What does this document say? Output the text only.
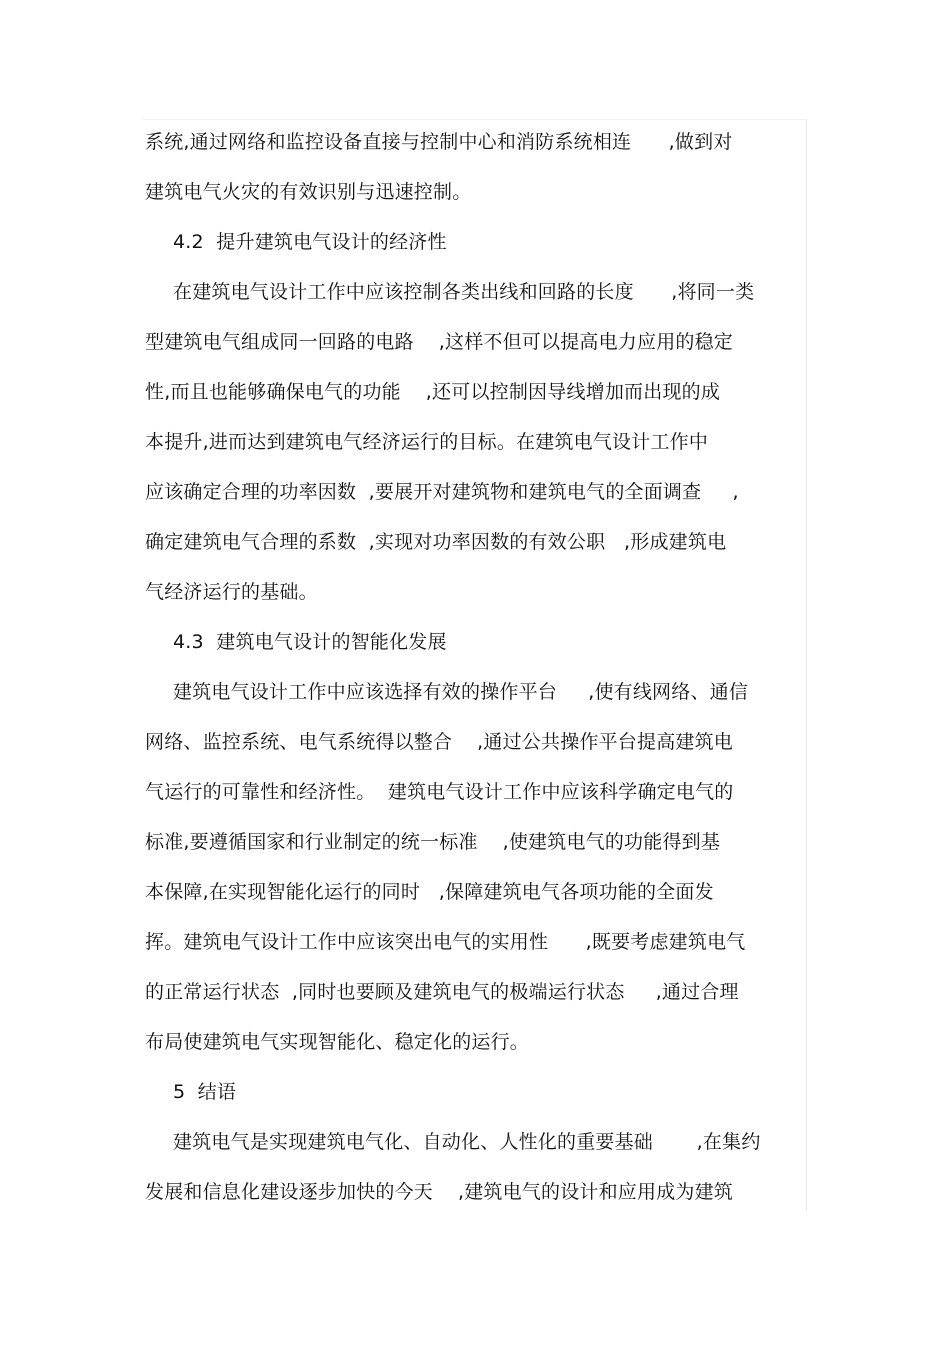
系统,通过网络和监控设备直接与控制中心和消防系统相连      ,做到对
建筑电气火灾的有效识别与迅速控制。
4.2  提升建筑电气设计的经济性
在建筑电气设计工作中应该控制各类出线和回路的长度      ,将同一类
型建筑电气组成同一回路的电路    ,这样不但可以提高电力应用的稳定
性,而且也能够确保电气的功能    ,还可以控制因导线增加而出现的成
本提升,进而达到建筑电气经济运行的目标。在建筑电气设计工作中
应该确定合理的功率因数  ,要展开对建筑物和建筑电气的全面调查     ,
确定建筑电气合理的系数  ,实现对功率因数的有效公职   ,形成建筑电
气经济运行的基础。
4.3  建筑电气设计的智能化发展
建筑电气设计工作中应该选择有效的操作平台     ,使有线网络、通信
网络、监控系统、电气系统得以整合    ,通过公共操作平台提高建筑电
气运行的可靠性和经济性。  建筑电气设计工作中应该科学确定电气的
标准,要遵循国家和行业制定的统一标准    ,使建筑电气的功能得到基
本保障,在实现智能化运行的同时   ,保障建筑电气各项功能的全面发
挥。建筑电气设计工作中应该突出电气的实用性      ,既要考虑建筑电气
的正常运行状态  ,同时也要顾及建筑电气的极端运行状态     ,通过合理
布局使建筑电气实现智能化、稳定化的运行。
5  结语
建筑电气是实现建筑电气化、自动化、人性化的重要基础       ,在集约
发展和信息化建设逐步加快的今天    ,建筑电气的设计和应用成为建筑
